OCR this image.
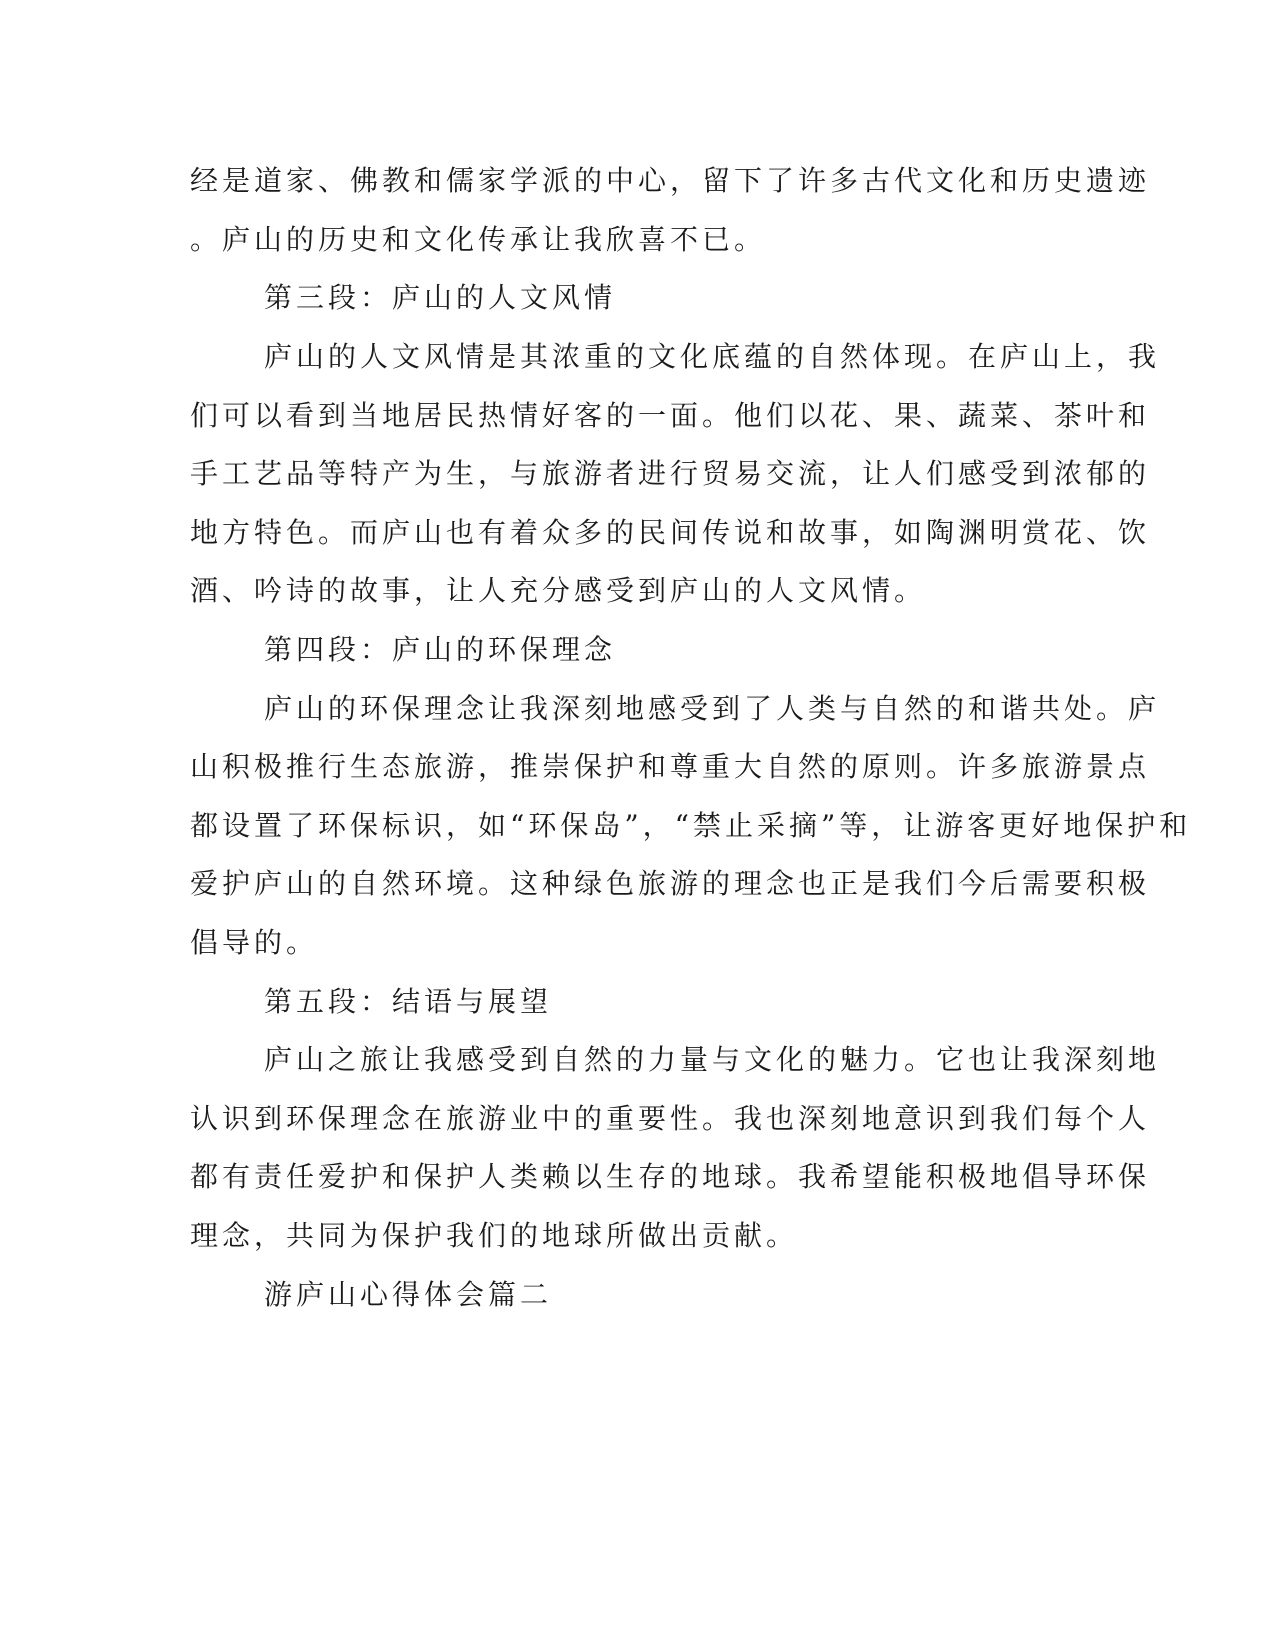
经是道家、佛教和儒家学派的中心，留下了许多古代文化和历史遗迹
。庐山的历史和文化传承让我欣喜不已。
第三段：庐山的人文风情
庐山的人文风情是其浓重的文化底蕴的自然体现。在庐山上，我
们可以看到当地居民热情好客的一面。他们以花、果、蔬菜、茶叶和
手工艺品等特产为生，与旅游者进行贸易交流，让人们感受到浓郁的
地方特色。而庐山也有着众多的民间传说和故事，如陶渊明赏花、饮
酒、吟诗的故事，让人充分感受到庐山的人文风情。
第四段：庐山的环保理念
庐山的环保理念让我深刻地感受到了人类与自然的和谐共处。庐
山积极推行生态旅游，推崇保护和尊重大自然的原则。许多旅游景点
都设置了环保标识，如“环保岛”，“禁止采摘”等，让游客更好地保护和
爱护庐山的自然环境。这种绿色旅游的理念也正是我们今后需要积极
倡导的。
第五段：结语与展望
庐山之旅让我感受到自然的力量与文化的魅力。它也让我深刻地
认识到环保理念在旅游业中的重要性。我也深刻地意识到我们每个人
都有责任爱护和保护人类赖以生存的地球。我希望能积极地倡导环保
理念，共同为保护我们的地球所做出贡献。
游庐山心得体会篇二
